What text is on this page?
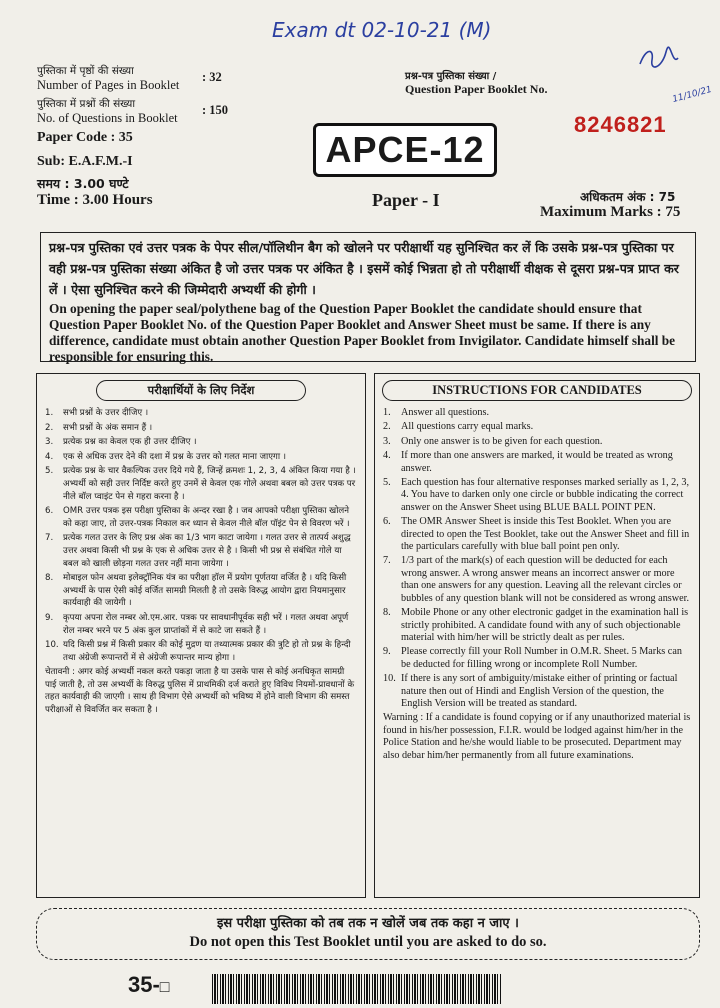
Exam dt 02-10-21 (M)
11/10/21
पुस्तिका में पृष्ठों की संख्या
Number of Pages in Booklet
: 32
पुस्तिका में प्रश्नों की संख्या
No. of Questions in Booklet
: 150
Paper Code : 35
Sub: E.A.F.M.-I
समय : 3.00 घण्टे
Time : 3.00 Hours
प्रश्न-पत्र पुस्तिका संख्या /
Question Paper Booklet No.
8246821
APCE-12
Paper - I	अधिकतम अंक : 75
Maximum Marks : 75
प्रश्न-पत्र पुस्तिका एवं उत्तर पत्रक के पेपर सील/पॉलिथीन बैग को खोलने पर परीक्षार्थी यह सुनिश्चित कर लें कि उसके प्रश्न-पत्र पुस्तिका पर वही प्रश्न-पत्र पुस्तिका संख्या अंकित है जो उत्तर पत्रक पर अंकित है । इसमें कोई भिन्नता हो तो परीक्षार्थी वीक्षक से दूसरा प्रश्न-पत्र प्राप्त कर लें । ऐसा सुनिश्चित करने की जिम्मेदारी अभ्यर्थी की होगी ।
On opening the paper seal/polythene bag of the Question Paper Booklet the candidate should ensure that Question Paper Booklet No. of the Question Paper Booklet and Answer Sheet must be same. If there is any difference, candidate must obtain another Question Paper Booklet from Invigilator. Candidate himself shall be responsible for ensuring this.
परीक्षार्थियों के लिए निर्देश
1.	सभी प्रश्नों के उत्तर दीजिए ।
2.	सभी प्रश्नों के अंक समान हैं ।
3.	प्रत्येक प्रश्न का केवल एक ही उत्तर दीजिए ।
4.	एक से अधिक उत्तर देने की दशा में प्रश्न के उत्तर को गलत माना जाएगा ।
5.	प्रत्येक प्रश्न के चार वैकल्पिक उत्तर दिये गये हैं, जिन्हें क्रमशः 1, 2, 3, 4 अंकित किया गया है । अभ्यर्थी को सही उत्तर निर्दिष्ट करते हुए उनमें से केवल एक गोले अथवा बबल को उत्तर पत्रक पर नीले बॉल प्वाइंट पेन से गहरा करना है ।
6.	OMR उत्तर पत्रक इस परीक्षा पुस्तिका के अन्दर रखा है । जब आपको परीक्षा पुस्तिका खोलने को कहा जाए, तो उत्तर-पत्रक निकाल कर ध्यान से केवल नीले बॉल पॉइंट पेन से विवरण भरें ।
7.	प्रत्येक गलत उत्तर के लिए प्रश्न अंक का 1/3 भाग काटा जायेगा । गलत उत्तर से तात्पर्य अशुद्ध उत्तर अथवा किसी भी प्रश्न के एक से अधिक उत्तर से है । किसी भी प्रश्न से संबंधित गोले या बबल को खाली छोड़ना गलत उत्तर नहीं माना जायेगा ।
8.	मोबाइल फोन अथवा इलेक्ट्रॉनिक यंत्र का परीक्षा हॉल में प्रयोग पूर्णतया वर्जित है । यदि किसी अभ्यर्थी के पास ऐसी कोई वर्जित सामग्री मिलती है तो उसके विरुद्ध आयोग द्वारा नियमानुसार कार्यवाही की जायेगी ।
9.	कृपया अपना रोल नम्बर ओ.एम.आर. पत्रक पर सावधानीपूर्वक सही भरें । गलत अथवा अपूर्ण रोल नम्बर भरने पर 5 अंक कुल प्राप्तांकों में से काटे जा सकते हैं ।
10. यदि किसी प्रश्न में किसी प्रकार की कोई मुद्रण या तथ्यात्मक प्रकार की त्रुटि हो तो प्रश्न के हिन्दी तथा अंग्रेजी रूपान्तरों में से अंग्रेजी रूपान्तर मान्य होगा ।
चेतावनी : अगर कोई अभ्यर्थी नकल करते पकड़ा जाता है या उसके पास से कोई अनधिकृत सामग्री पाई जाती है, तो उस अभ्यर्थी के विरुद्ध पुलिस में प्राथमिकी दर्ज कराते हुए विविध नियमों-प्रावधानों के तहत कार्यवाही की जाएगी । साथ ही विभाग ऐसे अभ्यर्थी को भविष्य में होने वाली विभाग की समस्त परीक्षाओं से विवर्जित कर सकता है ।
INSTRUCTIONS FOR CANDIDATES
1.	Answer all questions.
2.	All questions carry equal marks.
3.	Only one answer is to be given for each question.
4.	If more than one answers are marked, it would be treated as wrong answer.
5.	Each question has four alternative responses marked serially as 1, 2, 3, 4. You have to darken only one circle or bubble indicating the correct answer on the Answer Sheet using BLUE BALL POINT PEN.
6.	The OMR Answer Sheet is inside this Test Booklet. When you are directed to open the Test Booklet, take out the Answer Sheet and fill in the particulars carefully with blue ball point pen only.
7.	1/3 part of the mark(s) of each question will be deducted for each wrong answer. A wrong answer means an incorrect answer or more than one answers for any question. Leaving all the relevant circles or bubbles of any question blank will not be considered as wrong answer.
8.	Mobile Phone or any other electronic gadget in the examination hall is strictly prohibited. A candidate found with any of such objectionable material with him/her will be strictly dealt as per rules.
9.	Please correctly fill your Roll Number in O.M.R. Sheet. 5 Marks can be deducted for filling wrong or incomplete Roll Number.
10. If there is any sort of ambiguity/mistake either of printing or factual nature then out of Hindi and English Version of the question, the English Version will be treated as standard.
Warning : If a candidate is found copying or if any unauthorized material is found in his/her possession, F.I.R. would be lodged against him/her in the Police Station and he/she would liable to be prosecuted. Department may also debar him/her permanently from all future examinations.
इस परीक्षा पुस्तिका को तब तक न खोलें जब तक कहा न जाए ।
Do not open this Test Booklet until you are asked to do so.
35-□
